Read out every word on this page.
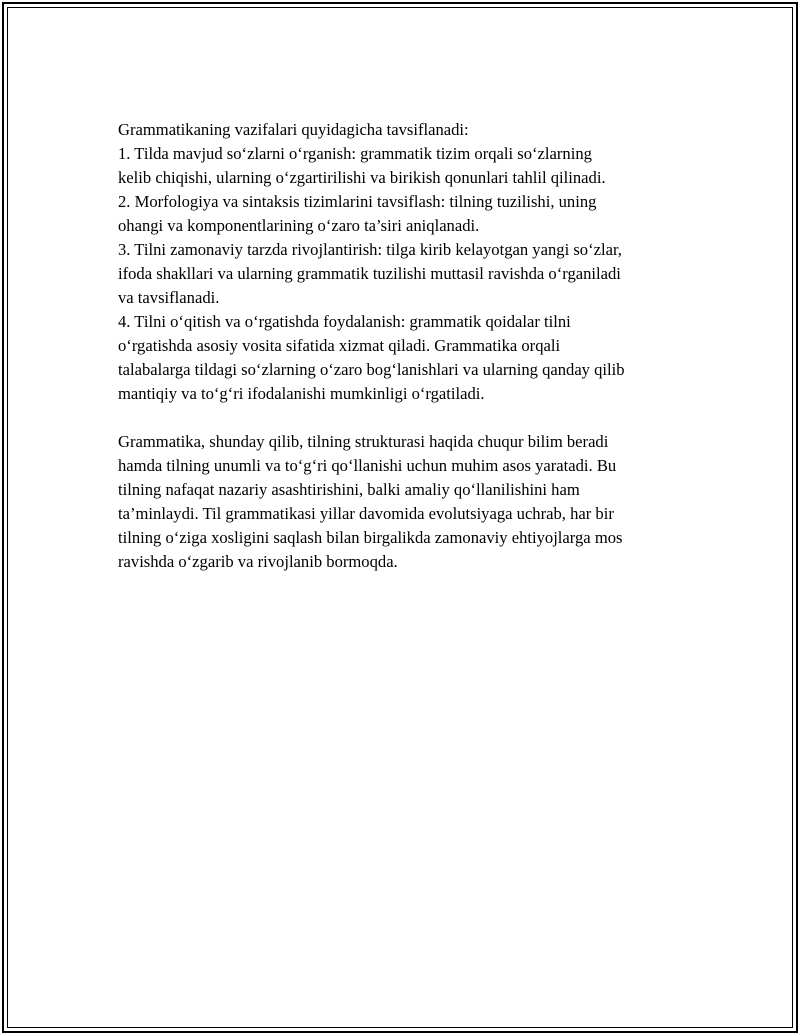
Grammatikaning vazifalari quyidagicha tavsiflanadi:
1. Tilda mavjud so‘zlarni o‘rganish: grammatik tizim orqali so‘zlarning
kelib chiqishi, ularning o‘zgartirilishi va birikish qonunlari tahlil qilinadi.
2. Morfologiya va sintaksis tizimlarini tavsiflash: tilning tuzilishi, uning
ohangi va komponentlarining o‘zaro ta’siri aniqlanadi.
3. Tilni zamonaviy tarzda rivojlantirish: tilga kirib kelayotgan yangi so‘zlar,
ifoda shakllari va ularning grammatik tuzilishi muttasil ravishda o‘rganiladi
va tavsiflanadi.
4. Tilni o‘qitish va o‘rgatishda foydalanish: grammatik qoidalar tilni
o‘rgatishda asosiy vosita sifatida xizmat qiladi. Grammatika orqali
talabalarga tildagi so‘zlarning o‘zaro bog‘lanishlari va ularning qanday qilib
mantiqiy va to‘g‘ri ifodalanishi mumkinligi o‘rgatiladi.
Grammatika, shunday qilib, tilning strukturasi haqida chuqur bilim beradi
hamda tilning unumli va to‘g‘ri qo‘llanishi uchun muhim asos yaratadi. Bu
tilning nafaqat nazariy asashtirishini, balki amaliy qo‘llanilishini ham
ta’minlaydi. Til grammatikasi yillar davomida evolutsiyaga uchrab, har bir
tilning o‘ziga xosligini saqlash bilan birgalikda zamonaviy ehtiyojlarga mos
ravishda o‘zgarib va rivojlanib bormoqda.
